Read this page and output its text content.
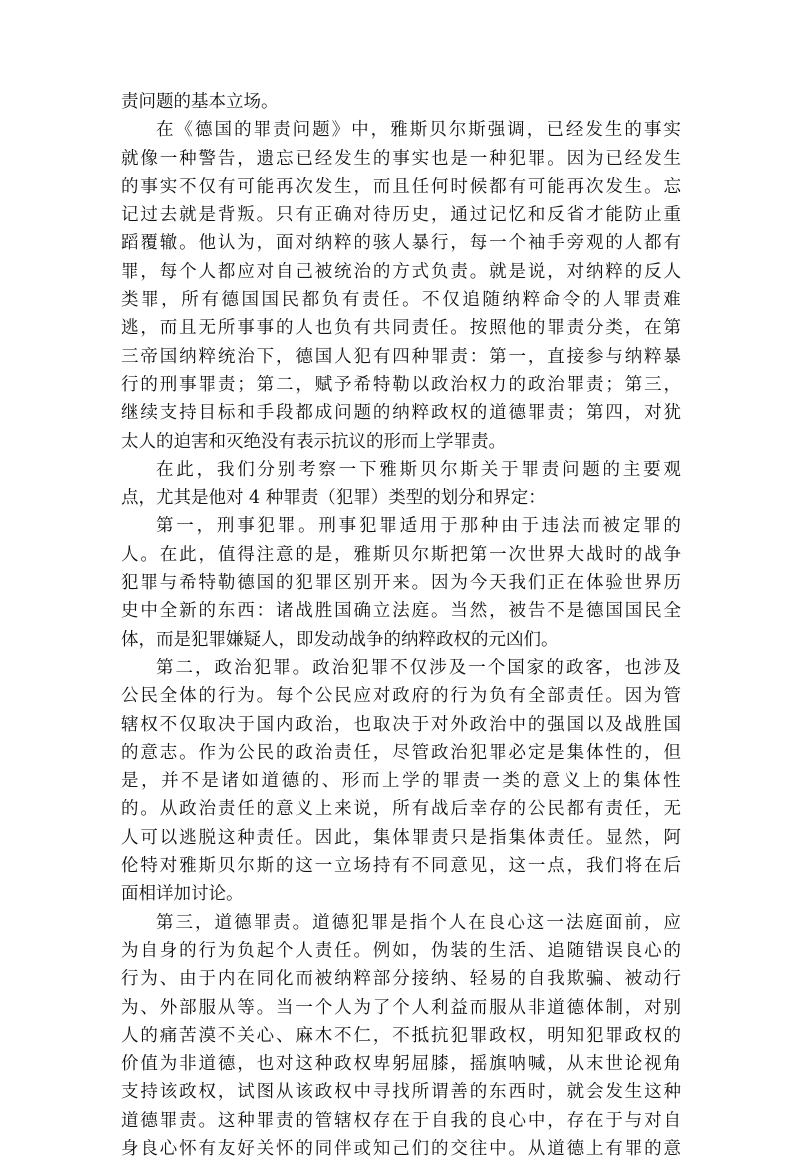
责问题的基本立场。
在 《 德 国 的 罪 责 问 题 》 中 ， 雅 斯 贝 尔 斯 强 调 ， 已 经 发 生 的 事 实
就 像 一 种 警 告 ， 遗 忘 已 经 发 生 的 事 实 也 是 一 种 犯 罪 。 因 为 已 经 发 生
的 事 实 不 仅 有 可 能 再 次 发 生 ， 而 且 任 何 时 候 都 有 可 能 再 次 发 生 。 忘
记 过 去 就 是 背 叛 。 只 有 正 确 对 待 历 史 ， 通 过 记 忆 和 反 省 才 能 防 止 重
蹈 覆 辙 。 他 认 为 ， 面 对 纳 粹 的 骇 人 暴 行 ， 每 一 个 袖 手 旁 观 的 人 都 有
罪 ， 每 个 人 都 应 对 自 己 被 统 治 的 方 式 负 责 。 就 是 说 ， 对 纳 粹 的 反 人
类 罪 ， 所 有 德 国 国 民 都 负 有 责 任 。 不 仅 追 随 纳 粹 命 令 的 人 罪 责 难
逃 ， 而 且 无 所 事 事 的 人 也 负 有 共 同 责 任 。 按 照 他 的 罪 责 分 类 ， 在 第
三 帝 国 纳 粹 统 治 下 ， 德 国 人 犯 有 四 种 罪 责 ： 第 一 ， 直 接 参 与 纳 粹 暴
行 的 刑 事 罪 责 ； 第 二 ， 赋 予 希 特 勒 以 政 治 权 力 的 政 治 罪 责 ； 第 三 ，
继 续 支 持 目 标 和 手 段 都 成 问 题 的 纳 粹 政 权 的 道 德 罪 责 ； 第 四 ， 对 犹
太人的迫害和灭绝没有表示抗议的形而上学罪责。
在 此 ， 我 们 分 别 考 察 一 下 雅 斯 贝 尔 斯 关 于 罪 责 问 题 的 主 要 观
点，尤其是他对 4 种罪责（犯罪）类型的划分和界定：
第 一 ， 刑 事 犯 罪 。 刑 事 犯 罪 适 用 于 那 种 由 于 违 法 而 被 定 罪 的
人 。 在 此 ， 值 得 注 意 的 是 ， 雅 斯 贝 尔 斯 把 第 一 次 世 界 大 战 时 的 战 争
犯 罪 与 希 特 勒 德 国 的 犯 罪 区 别 开 来 。 因 为 今 天 我 们 正 在 体 验 世 界 历
史 中 全 新 的 东 西 ： 诸 战 胜 国 确 立 法 庭 。 当 然 ， 被 告 不 是 德 国 国 民 全
体，而是犯罪嫌疑人，即发动战争的纳粹政权的元凶们。
第 二 ， 政 治 犯 罪 。 政 治 犯 罪 不 仅 涉 及 一 个 国 家 的 政 客 ， 也 涉 及
公 民 全 体 的 行 为 。 每 个 公 民 应 对 政 府 的 行 为 负 有 全 部 责 任 。 因 为 管
辖 权 不 仅 取 决 于 国 内 政 治 ， 也 取 决 于 对 外 政 治 中 的 强 国 以 及 战 胜 国
的 意 志 。 作 为 公 民 的 政 治 责 任 ， 尽 管 政 治 犯 罪 必 定 是 集 体 性 的 ， 但
是 ， 并 不 是 诸 如 道 德 的 、 形 而 上 学 的 罪 责 一 类 的 意 义 上 的 集 体 性
的 。 从 政 治 责 任 的 意 义 上 来 说 ， 所 有 战 后 幸 存 的 公 民 都 有 责 任 ， 无
人 可 以 逃 脱 这 种 责 任 。 因 此 ， 集 体 罪 责 只 是 指 集 体 责 任 。 显 然 ， 阿
伦 特 对 雅 斯 贝 尔 斯 的 这 一 立 场 持 有 不 同 意 见 ， 这 一 点 ， 我 们 将 在 后
面相详加讨论。
第 三 ， 道 德 罪 责 。 道 德 犯 罪 是 指 个 人 在 良 心 这 一 法 庭 面 前 ， 应
为 自 身 的 行 为 负 起 个 人 责 任 。 例 如 ， 伪 装 的 生 活 、 追 随 错 误 良 心 的
行 为 、 由 于 内 在 同 化 而 被 纳 粹 部 分 接 纳 、 轻 易 的 自 我 欺 骗 、 被 动 行
为 、 外 部 服 从 等 。 当 一 个 人 为 了 个 人 利 益 而 服 从 非 道 德 体 制 ， 对 别
人 的 痛 苦 漠 不 关 心 、 麻 木 不 仁 ， 不 抵 抗 犯 罪 政 权 ， 明 知 犯 罪 政 权 的
价 值 为 非 道 德 ， 也 对 这 种 政 权 卑 躬 屈 膝 ， 摇 旗 呐 喊 ， 从 末 世 论 视 角
支 持 该 政 权 ， 试 图 从 该 政 权 中 寻 找 所 谓 善 的 东 西 时 ， 就 会 发 生 这 种
道 德 罪 责 。 这 种 罪 责 的 管 辖 权 存 在 于 自 我 的 良 心 中 ， 存 在 于 与 对 自
身 良 心 怀 有 友 好 关 怀 的 同 伴 或 知 己 们 的 交 往 中 。 从 道 德 上 有 罪 的 意
